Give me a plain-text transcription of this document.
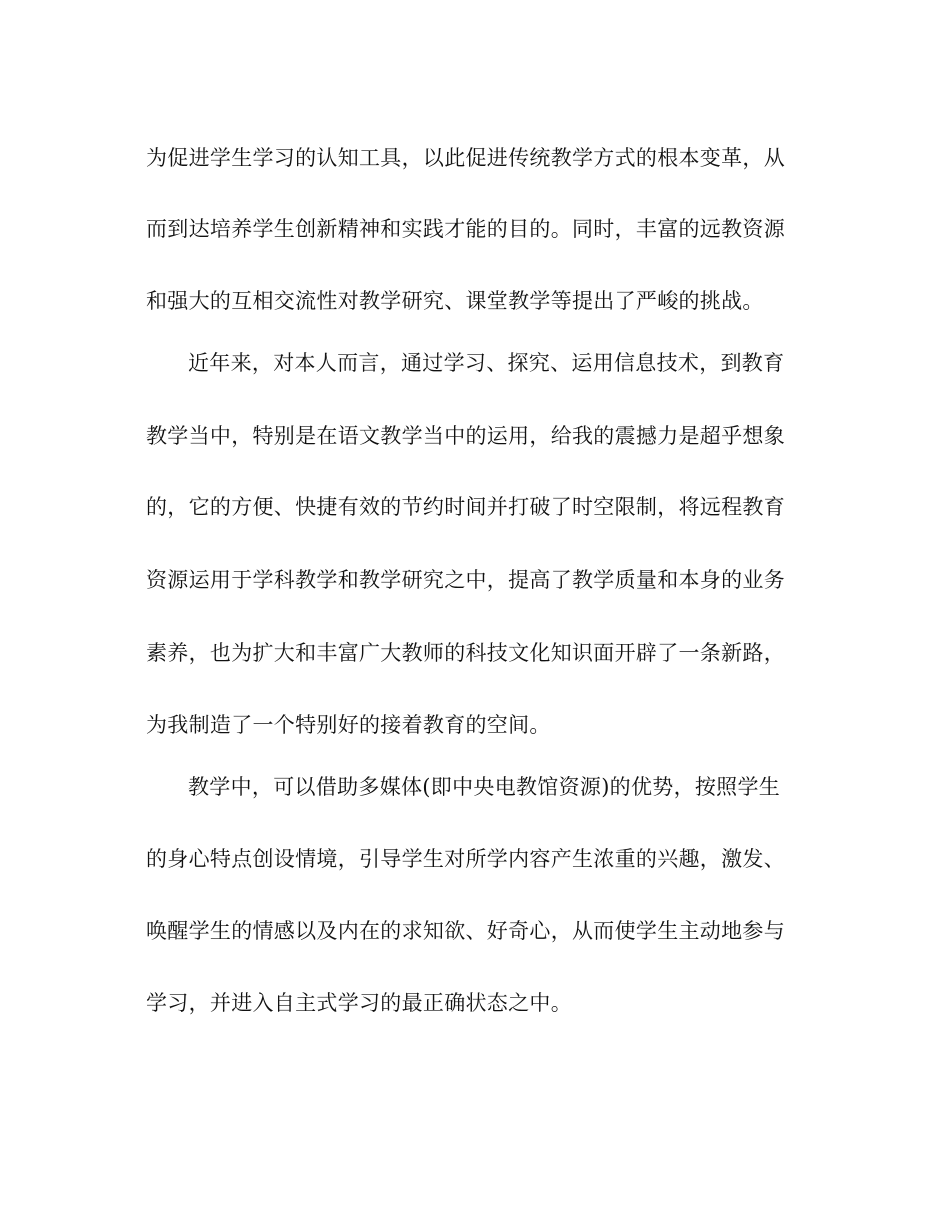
为促进学生学习的认知工具，以此促进传统教学方式的根本变革，从
而到达培养学生创新精神和实践才能的目的。同时，丰富的远教资源
和强大的互相交流性对教学研究、课堂教学等提出了严峻的挑战。
近年来，对本人而言，通过学习、探究、运用信息技术，到教育
教学当中，特别是在语文教学当中的运用，给我的震撼力是超乎想象
的，它的方便、快捷有效的节约时间并打破了时空限制，将远程教育
资源运用于学科教学和教学研究之中，提高了教学质量和本身的业务
素养，也为扩大和丰富广大教师的科技文化知识面开辟了一条新路，
为我制造了一个特别好的接着教育的空间。
教学中，可以借助多媒体(即中央电教馆资源)的优势，按照学生
的身心特点创设情境，引导学生对所学内容产生浓重的兴趣，激发、
唤醒学生的情感以及内在的求知欲、好奇心，从而使学生主动地参与
学习，并进入自主式学习的最正确状态之中。
